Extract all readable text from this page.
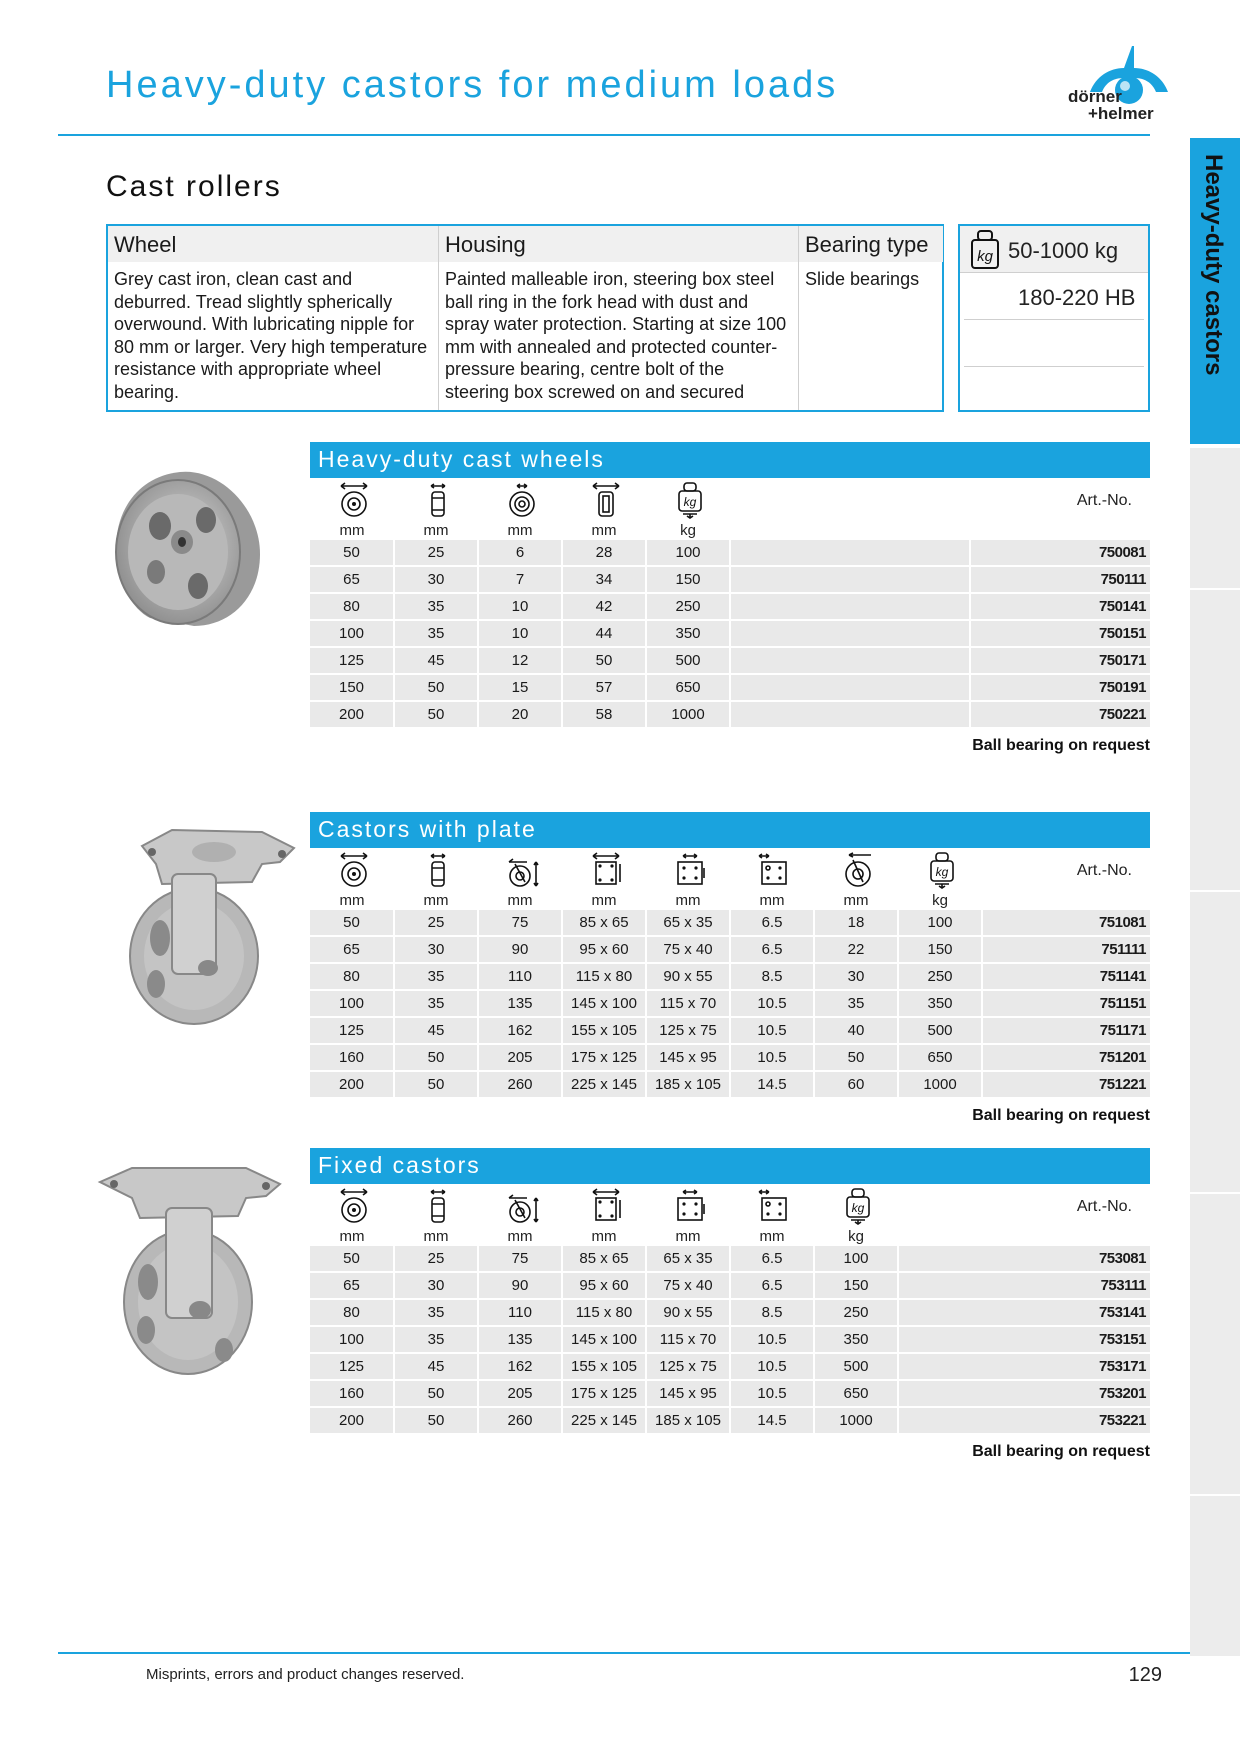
Heavy-duty castors for medium loads	dörner
+helmer
Heavy-duty castors
Cast rollers
Wheel
Grey cast iron, clean cast and deburred. Tread slightly spherically overwound. With lubricating nipple for 80 mm or larger. Very high temperature resistance with appropriate wheel bearing.
Housing
Painted malleable iron, steering box steel ball ring in the fork head with dust and spray water protection. Starting at size 100 mm with annealed and protected counter-pressure bearing, centre bolt of the steering box screwed on and secured
Bearing type
Slide bearings
kg 50-1000 kg
180-220 HB
Heavy-duty cast wheels
kg	Art.-No.
mm	mm	mm	mm	kg
50	25	6	28	100		750081
65	30	7	34	150		750111
80	35	10	42	250		750141
100	35	10	44	350		750151
125	45	12	50	500		750171
150	50	15	57	650		750191
200	50	20	58	1000		750221
Ball bearing on request
Castors with plate
kg	Art.-No.
mm	mm	mm	mm	mm	mm	mm	kg
50	25	75	85 x 65	65 x 35	6.5	18	100	751081
65	30	90	95 x 60	75 x 40	6.5	22	150	751111
80	35	110	115 x 80	90 x 55	8.5	30	250	751141
100	35	135	145 x 100	115 x 70	10.5	35	350	751151
125	45	162	155 x 105	125 x 75	10.5	40	500	751171
160	50	205	175 x 125	145 x 95	10.5	50	650	751201
200	50	260	225 x 145	185 x 105	14.5	60	1000	751221
Ball bearing on request
Fixed castors
kg	Art.-No.
mm	mm	mm	mm	mm	mm	kg
50	25	75	85 x 65	65 x 35	6.5	100	753081
65	30	90	95 x 60	75 x 40	6.5	150	753111
80	35	110	115 x 80	90 x 55	8.5	250	753141
100	35	135	145 x 100	115 x 70	10.5	350	753151
125	45	162	155 x 105	125 x 75	10.5	500	753171
160	50	205	175 x 125	145 x 95	10.5	650	753201
200	50	260	225 x 145	185 x 105	14.5	1000	753221
Ball bearing on request
Misprints, errors and product changes reserved.	129
